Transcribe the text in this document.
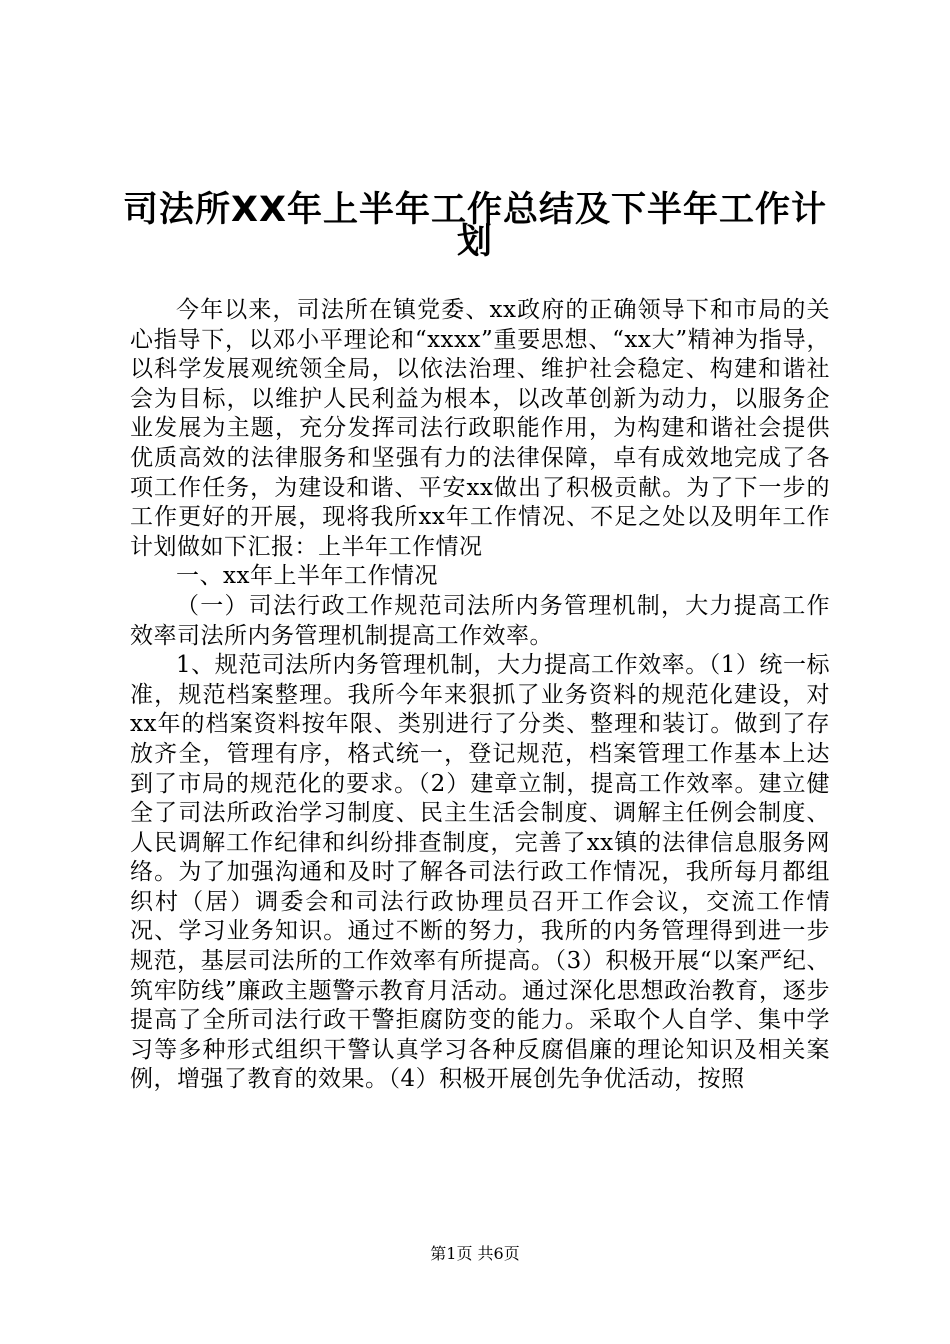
司法所XX年上半年工作总结及下半年工作计
划

今年以来，司法所在镇党委、xx政府的正确领导下和市局的关心指导下，以邓小平理论和“xxxx”重要思想、“xx大”精神为指导，以科学发展观统领全局，以依法治理、维护社会稳定、构建和谐社会为目标，以维护人民利益为根本，以改革创新为动力，以服务企业发展为主题，充分发挥司法行政职能作用，为构建和谐社会提供优质高效的法律服务和坚强有力的法律保障，卓有成效地完成了各项工作任务，为建设和谐、平安xx做出了积极贡献。为了下一步的工作更好的开展，现将我所xx年工作情况、不足之处以及明年工作计划做如下汇报：上半年工作情况

一、xx年上半年工作情况

（一）司法行政工作规范司法所内务管理机制，大力提高工作效率司法所内务管理机制提高工作效率。

1、规范司法所内务管理机制，大力提高工作效率。（1）统一标准，规范档案整理。我所今年来狠抓了业务资料的规范化建设，对xx年的档案资料按年限、类别进行了分类、整理和装订。做到了存放齐全，管理有序，格式统一，登记规范，档案管理工作基本上达到了市局的规范化的要求。（2）建章立制，提高工作效率。建立健全了司法所政治学习制度、民主生活会制度、调解主任例会制度、人民调解工作纪律和纠纷排查制度，完善了xx镇的法律信息服务网络。为了加强沟通和及时了解各司法行政工作情况，我所每月都组织村（居）调委会和司法行政协理员召开工作会议，交流工作情况、学习业务知识。通过不断的努力，我所的内务管理得到进一步规范，基层司法所的工作效率有所提高。（3）积极开展“以案严纪、筑牢防线”廉政主题警示教育月活动。通过深化思想政治教育，逐步提高了全所司法行政干警拒腐防变的能力。采取个人自学、集中学习等多种形式组织干警认真学习各种反腐倡廉的理论知识及相关案例，增强了教育的效果。（4）积极开展创先争优活动，按照

第1页 共6页
